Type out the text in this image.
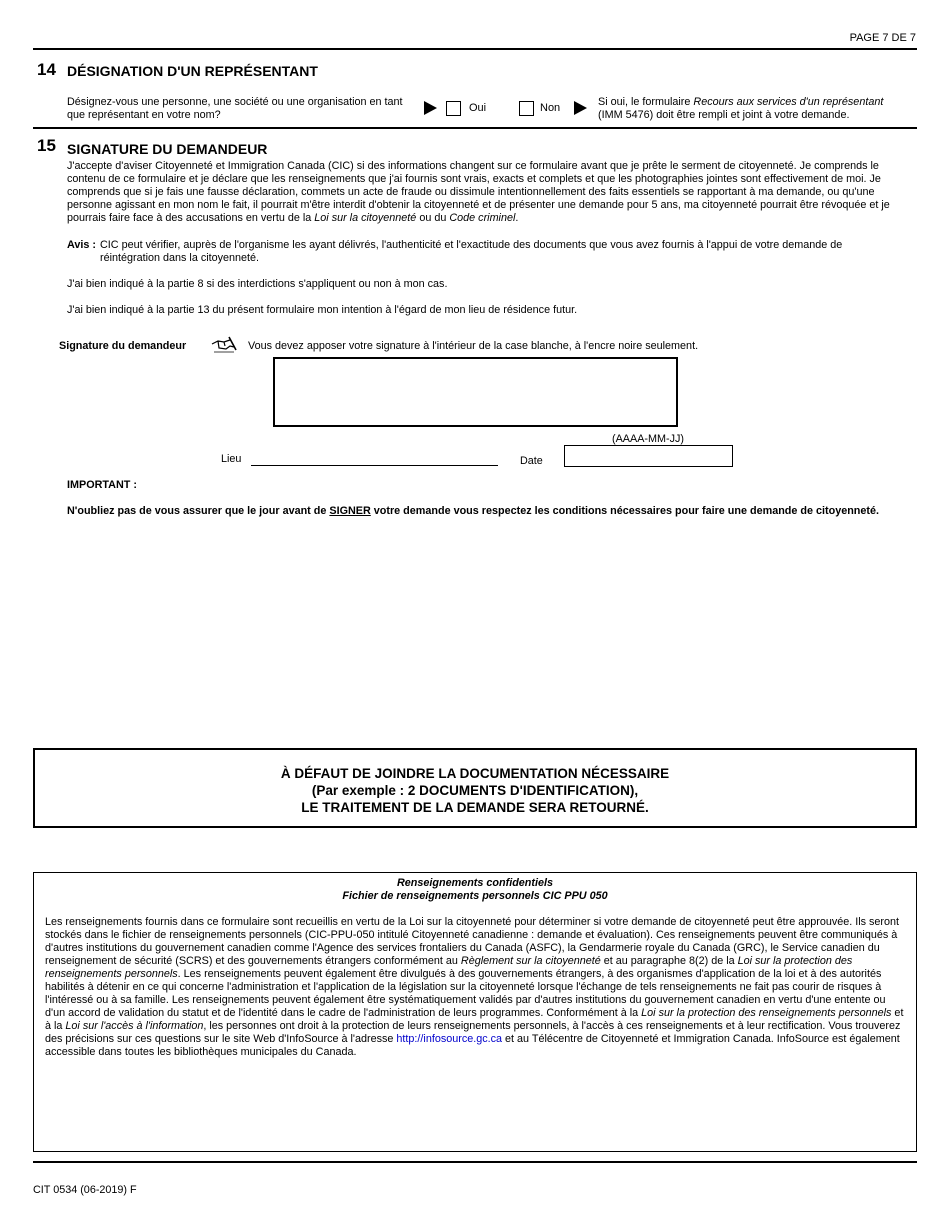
PAGE 7 DE 7
14 DÉSIGNATION D'UN REPRÉSENTANT
Désignez-vous une personne, une société ou une organisation en tant
que représentant en votre nom?
Oui	Non	Si oui, le formulaire Recours aux services d'un représentant
(IMM 5476) doit être rempli et joint à votre demande.
15 SIGNATURE DU DEMANDEUR
J'accepte d'aviser Citoyenneté et Immigration Canada (CIC) si des informations changent sur ce formulaire avant que je prête le serment de citoyenneté. Je comprends le contenu de ce formulaire et je déclare que les renseignements que j'ai fournis sont vrais, exacts et complets et que les photographies jointes sont effectivement de moi. Je comprends que si je fais une fausse déclaration, commets un acte de fraude ou dissimule intentionnellement des faits essentiels se rapportant à ma demande, ou qu'une personne agissant en mon nom le fait, il pourrait m'être interdit d'obtenir la citoyenneté et de présenter une demande pour 5 ans, ma citoyenneté pourrait être révoquée et je pourrais faire face à des accusations en vertu de la Loi sur la citoyenneté ou du Code criminel.
Avis : CIC peut vérifier, auprès de l'organisme les ayant délivrés, l'authenticité et l'exactitude des documents que vous avez fournis à l'appui de votre demande de
réintégration dans la citoyenneté.
J'ai bien indiqué à la partie 8 si des interdictions s'appliquent ou non à mon cas.
J'ai bien indiqué à la partie 13 du présent formulaire mon intention à l'égard de mon lieu de résidence futur.
Signature du demandeur	Vous devez apposer votre signature à l'intérieur de la case blanche, à l'encre noire seulement.
(AAAA-MM-JJ)
Lieu	Date
IMPORTANT :
N'oubliez pas de vous assurer que le jour avant de SIGNER votre demande vous respectez les conditions nécessaires pour faire une demande de citoyenneté.
À DÉFAUT DE JOINDRE LA DOCUMENTATION NÉCESSAIRE
(Par exemple : 2 DOCUMENTS D'IDENTIFICATION),
LE TRAITEMENT DE LA DEMANDE SERA RETOURNÉ.
Renseignements confidentiels
Fichier de renseignements personnels CIC PPU 050
Les renseignements fournis dans ce formulaire sont recueillis en vertu de la Loi sur la citoyenneté pour déterminer si votre demande de citoyenneté peut être approuvée. Ils seront stockés dans le fichier de renseignements personnels (CIC-PPU-050 intitulé Citoyenneté canadienne : demande et évaluation). Ces renseignements peuvent être communiqués à d'autres institutions du gouvernement canadien comme l'Agence des services frontaliers du Canada (ASFC), la Gendarmerie royale du Canada (GRC), le Service canadien du renseignement de sécurité (SCRS) et des gouvernements étrangers conformément au Règlement sur la citoyenneté et au paragraphe 8(2) de la Loi sur la protection des renseignements personnels. Les renseignements peuvent également être divulgués à des gouvernements étrangers, à des organismes d'application de la loi et à des autorités habilités à détenir en ce qui concerne l'administration et l'application de la législation sur la citoyenneté lorsque l'échange de tels renseignements ne fait pas courir de risques à l'intéressé ou à sa famille. Les renseignements peuvent également être systématiquement validés par d'autres institutions du gouvernement canadien en vertu d'une entente ou d'un accord de validation du statut et de l'identité dans le cadre de l'administration de leurs programmes. Conformément à la Loi sur la protection des renseignements personnels et à la Loi sur l'accès à l'information, les personnes ont droit à la protection de leurs renseignements personnels, à l'accès à ces renseignements et à leur rectification. Vous trouverez des précisions sur ces questions sur le site Web d'InfoSource à l'adresse http://infosource.gc.ca et au Télécentre de Citoyenneté et Immigration Canada. InfoSource est également accessible dans toutes les bibliothèques municipales du Canada.
CIT 0534 (06-2019) F
